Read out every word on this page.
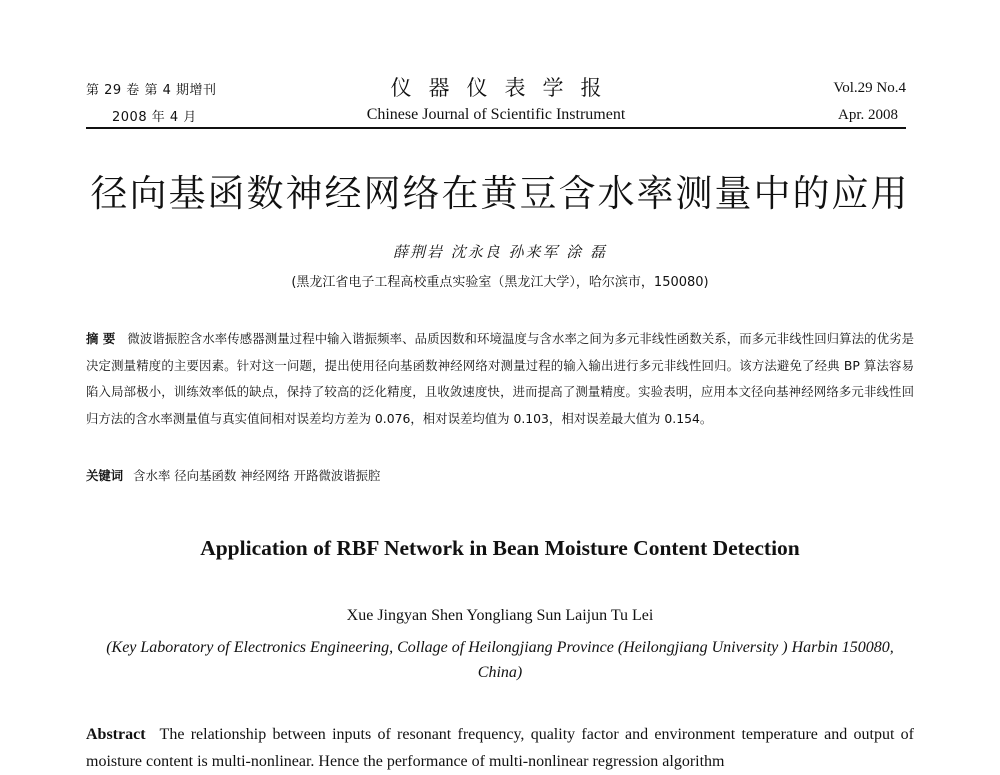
第 29 卷 第 4 期增刊
2008 年 4 月
仪器仪表学报
Chinese Journal of Scientific Instrument
Vol.29 No.4
Apr. 2008
径向基函数神经网络在黄豆含水率测量中的应用
薛荆岩 沈永良 孙来军 涂 磊
(黑龙江省电子工程高校重点实验室（黑龙江大学），哈尔滨市，150080)

摘 要 微波谐振腔含水率传感器测量过程中输入谐振频率、品质因数和环境温度与含水率之间为多元非线性函数关系，而多元非线性回归算法的优劣是决定测量精度的主要因素。针对这一问题，提出使用径向基函数神经网络对测量过程的输入输出进行多元非线性回归。该方法避免了经典 BP 算法容易陷入局部极小，训练效率低的缺点，保持了较高的泛化精度，且收敛速度快，进而提高了测量精度。实验表明，应用本文径向基神经网络多元非线性回归方法的含水率测量值与真实值间相对误差均方差为 0.076，相对误差均值为 0.103，相对误差最大值为 0.154。

关键词 含水率 径向基函数 神经网络 开路微波谐振腔

Application of RBF Network in Bean Moisture Content Detection
Xue Jingyan Shen Yongliang Sun Laijun Tu Lei
(Key Laboratory of Electronics Engineering, Collage of Heilongjiang Province (Heilongjiang University ) Harbin 150080, China)

Abstract The relationship between inputs of resonant frequency, quality factor and environment temperature and output of moisture content is multi-nonlinear. Hence the performance of multi-nonlinear regression algorithm
